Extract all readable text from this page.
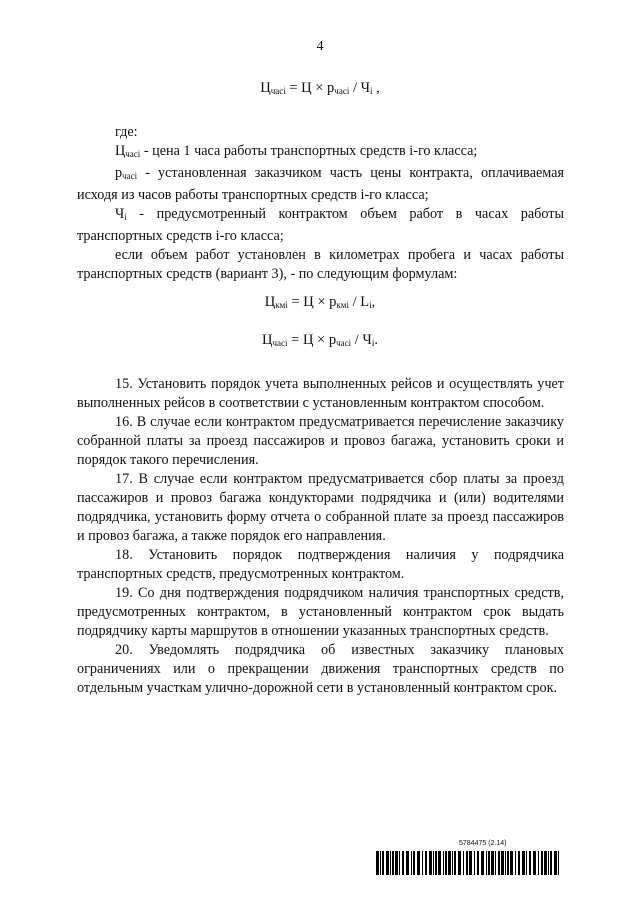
4
$Ц_{часi} = Ц \times p_{часi} / Ч_i$ ,

где:

$Ц_{часi}$ - цена 1 часа работы транспортных средств i-го класса;

$p_{часi}$ - установленная заказчиком часть цены контракта, оплачиваемая исходя из часов работы транспортных средств i-го класса;

$Ч_i$ - предусмотренный контрактом объем работ в часах работы транспортных средств i-го класса;

если объем работ установлен в километрах пробега и часах работы транспортных средств (вариант 3), - по следующим формулам:

$Ц_{кмi} = Ц \times p_{кмi} / L_i$,
$Ц_{часi} = Ц \times p_{часi} / Ч_i$.

15. Установить порядок учета выполненных рейсов и осуществлять учет выполненных рейсов в соответствии с установленным контрактом способом.

16. В случае если контрактом предусматривается перечисление заказчику собранной платы за проезд пассажиров и провоз багажа, установить сроки и порядок такого перечисления.

17. В случае если контрактом предусматривается сбор платы за проезд пассажиров и провоз багажа кондукторами подрядчика и (или) водителями подрядчика, установить форму отчета о собранной плате за проезд пассажиров и провоз багажа, а также порядок его направления.

18. Установить порядок подтверждения наличия у подрядчика транспортных средств, предусмотренных контрактом.

19. Со дня подтверждения подрядчиком наличия транспортных средств, предусмотренных контрактом, в установленный контрактом срок выдать подрядчику карты маршрутов в отношении указанных транспортных средств.

20. Уведомлять подрядчика об известных заказчику плановых ограничениях или о прекращении движения транспортных средств по отдельным участкам улично-дорожной сети в установленный контрактом срок.

5784475 (2.14)
